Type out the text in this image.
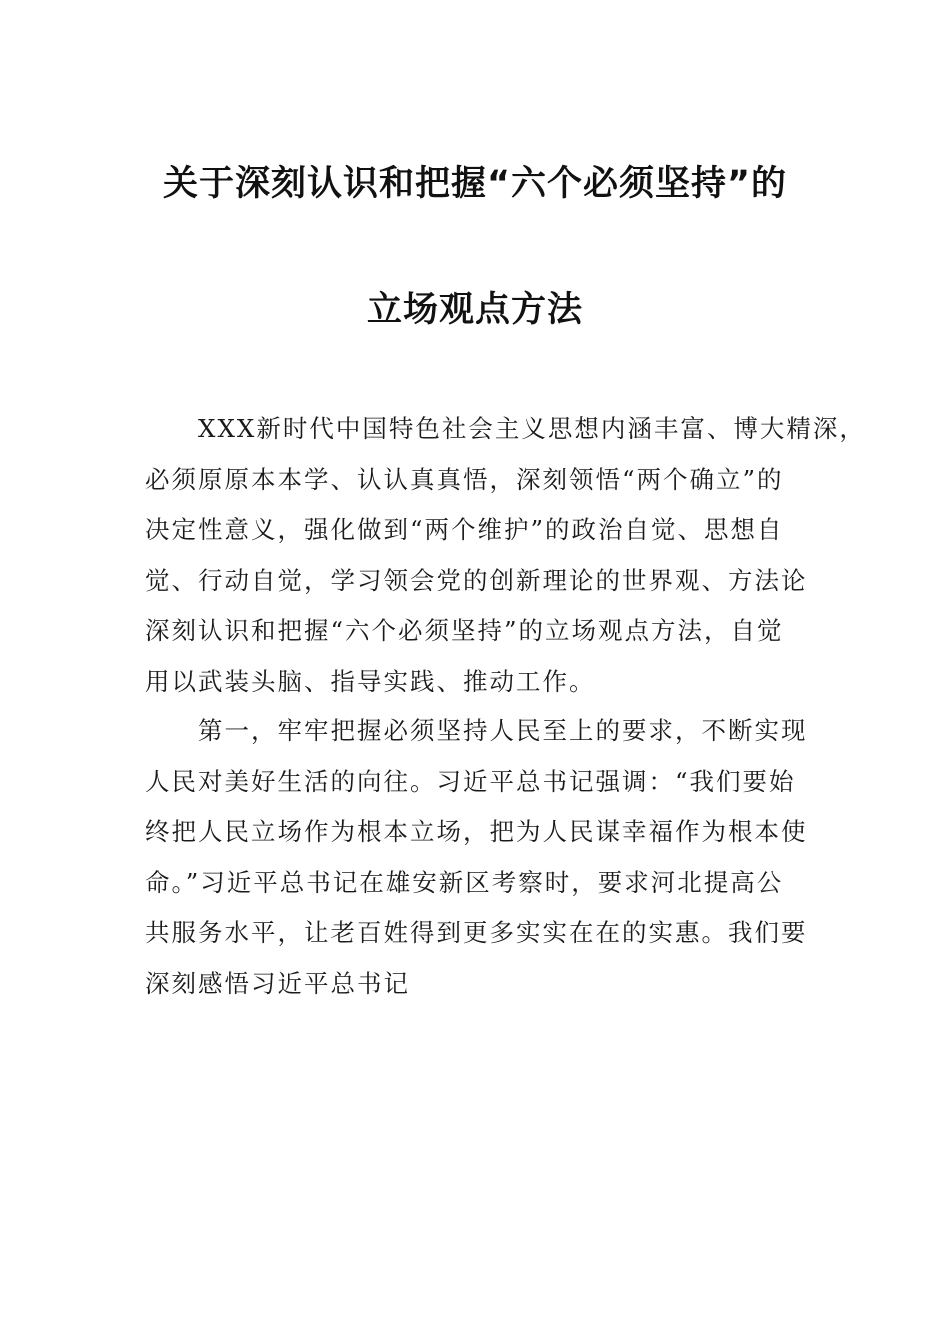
关于深刻认识和把握“六个必须坚持”的
立场观点方法
XXX新时代中国特色社会主义思想内涵丰富、博大精深，
必须原原本本学、认认真真悟，深刻领悟“两个确立”的
决定性意义，强化做到“两个维护”的政治自觉、思想自
觉、行动自觉，学习领会党的创新理论的世界观、方法论
深刻认识和把握“六个必须坚持”的立场观点方法，自觉
用以武装头脑、指导实践、推动工作。
第一，牢牢把握必须坚持人民至上的要求，不断实现
人民对美好生活的向往。习近平总书记强调：“我们要始
终把人民立场作为根本立场，把为人民谋幸福作为根本使
命。”习近平总书记在雄安新区考察时，要求河北提高公
共服务水平，让老百姓得到更多实实在在的实惠。我们要
深刻感悟习近平总书记
